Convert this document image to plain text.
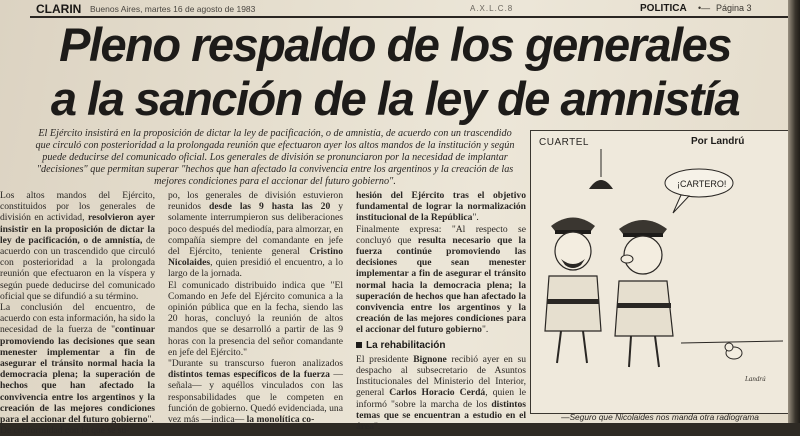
CLARIN Buenos Aires, martes 16 de agosto de 1983	A.X.L.C.8	POLITICA •— Página 3
Pleno respaldo de los generales
a la sanción de la ley de amnistía

El Ejército insistirá en la proposición de dictar la ley de pacificación, o de amnistía, de acuerdo con un trascendido que circuló con posterioridad a la prolongada reunión que efectuaron ayer los altos mandos de la institución y según puede deducirse del comunicado oficial. Los generales de división se pronunciaron por la necesidad de implantar "decisiones" que permitan superar "hechos que han afectado la convivencia entre los argentinos y la creación de las mejores condiciones para el accionar del futuro gobierno".

Los altos mandos del Ejército, constituidos por los generales de división en actividad, resolvieron ayer insistir en la proposición de dictar la ley de pacificación, o de amnistía, de acuerdo con un trascendido que circuló con posterioridad a la prolongada reunión que efectuaron en la víspera y según puede deducirse del comunicado oficial que se difundió a su término.

La conclusión del encuentro, de acuerdo con esta información, ha sido la necesidad de la fuerza de "continuar promoviendo las decisiones que sean menester implementar a fin de asegurar el tránsito normal hacia la democracia plena; la superación de hechos que han afectado la convivencia entre los argentinos y la creación de las mejores condiciones para el accionar del futuro gobierno".

De conformidad con lo que se su-

po, los generales de división estuvieron reunidos desde las 9 hasta las 20 y solamente interrumpieron sus deliberaciones poco después del mediodía, para almorzar, en compañía siempre del comandante en jefe del Ejército, teniente general Cristino Nicolaides, quien presidió el encuentro, a lo largo de la jornada.

El comunicado distribuido indica que "El Comando en Jefe del Ejército comunica a la opinión pública que en la fecha, siendo las 20 horas, concluyó la reunión de altos mandos que se desarrolló a partir de las 9 horas con la presencia del señor comandante en jefe del Ejército."

"Durante su transcurso fueron analizados distintos temas específicos de la fuerza —señala— y aquéllos vinculados con las responsabilidades que le competen en función de gobierno. Quedó evidenciada, una vez más —indica— la monolítica co-

hesión del Ejército tras el objetivo fundamental de lograr la normalización institucional de la República".

Finalmente expresa: "Al respecto se concluyó que resulta necesario que la fuerza continúe promoviendo las decisiones que sean menester implementar a fin de asegurar el tránsito normal hacia la democracia plena; la superación de hechos que han afectado la convivencia entre los argentinos y la creación de las mejores condiciones para el accionar del futuro gobierno".

La rehabilitación

El presidente Bignone recibió ayer en su despacho al subsecretario de Asuntos Institucionales del Ministerio del Interior, general Carlos Horacio Cerdá, quien le informó "sobre la marcha de los distintos temas que se encuentran a estudio en el área".

CUARTEL	Por Landrú
¡CARTERO!
Landrú
—Seguro que Nicolaides nos manda otra radiograma
